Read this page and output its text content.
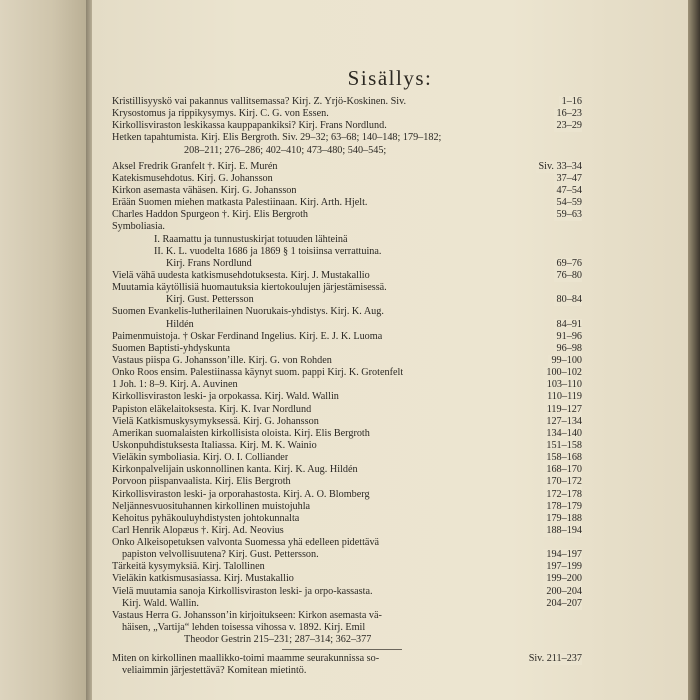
Sisällys:
Kristillisyyskö vai pakannus vallitsemassa? Kirj. Z. Yrjö-Koskinen. Siv.	1–16
Krysostomus ja rippikysymys. Kirj. C. G. von Essen.	16–23
Kirkollisviraston leskikassa kauppapankiksi? Kirj. Frans Nordlund.	23–29
Hetken tapahtumista. Kirj. Elis Bergroth. Siv. 29–32; 63–68; 140–148; 179–182;
208–211; 276–286; 402–410; 473–480; 540–545;
Aksel Fredrik Granfelt †. Kirj. E. Murén	Siv. 33–34
Katekismusehdotus. Kirj. G. Johansson	37–47
Kirkon asemasta vähäsen. Kirj. G. Johansson	47–54
Erään Suomen miehen matkasta Palestiinaan. Kirj. Arth. Hjelt.	54–59
Charles Haddon Spurgeon †. Kirj. Elis Bergroth	59–63
Symboliasia.
I. Raamattu ja tunnustuskirjat totuuden lähteinä
II. K. L. vuodelta 1686 ja 1869 § 1 toisiinsa verrattuina.
Kirj. Frans Nordlund	69–76
Vielä vähä uudesta katkismusehdotuksesta. Kirj. J. Mustakallio	76–80
Muutamia käytöllisiä huomautuksia kiertokoulujen järjestämisessä.
Kirj. Gust. Pettersson	80–84
Suomen Evankelis-lutherilainen Nuorukais-yhdistys. Kirj. K. Aug.
Hildén	84–91
Paimenmuistoja. † Oskar Ferdinand Ingelius. Kirj. E. J. K. Luoma	91–96
Suomen Baptisti-yhdyskunta	96–98
Vastaus piispa G. Johanssonʼille. Kirj. G. von Rohden	99–100
Onko Roos ensim. Palestiinassa käynyt suom. pappi Kirj. K. Grotenfelt	100–102
1 Joh. 1: 8–9. Kirj. A. Auvinen	103–110
Kirkollisviraston leski- ja orpokassa. Kirj. Wald. Wallin	110–119
Papiston eläkelaitoksesta. Kirj. K. Ivar Nordlund	119–127
Vielä Katkismuskysymyksessä. Kirj. G. Johansson	127–134
Amerikan suomalaisten kirkollisista oloista. Kirj. Elis Bergroth	134–140
Uskonpuhdistuksesta Italiassa. Kirj. M. K. Wainio	151–158
Vieläkin symboliasia. Kirj. O. I. Colliander	158–168
Kirkonpalvelijain uskonnollinen kanta. Kirj. K. Aug. Hildén	168–170
Porvoon piispanvaalista. Kirj. Elis Bergroth	170–172
Kirkollisviraston leski- ja orporahastosta. Kirj. A. O. Blomberg	172–178
Neljännesvuosituhannen kirkollinen muistojuhla	178–179
Kehoitus pyhäkouluyhdistysten johtokunnalta	179–188
Carl Henrik Alopæus †. Kirj. Ad. Neovius	188–194
Onko Alkeisopetuksen valvonta Suomessa yhä edelleen pidettävä
papiston velvollisuutena? Kirj. Gust. Pettersson.	194–197
Tärkeitä kysymyksiä. Kirj. Talollinen	197–199
Vieläkin katkismusasiassa. Kirj. Mustakallio	199–200
Vielä muutamia sanoja Kirkollisviraston leski- ja orpo-kassasta.	200–204
Kirj. Wald. Wallin.	204–207
Vastaus Herra G. Johanssonʼin kirjoitukseen: Kirkon asemasta vä-
häisen, „Vartija“ lehden toisessa vihossa v. 1892. Kirj. Emil
Theodor Gestrin 215–231; 287–314; 362–377
Miten on kirkollinen maallikko-toimi maamme seurakunnissa so-	Siv. 211–237
veliaimmin järjestettävä? Komitean mietintö.
